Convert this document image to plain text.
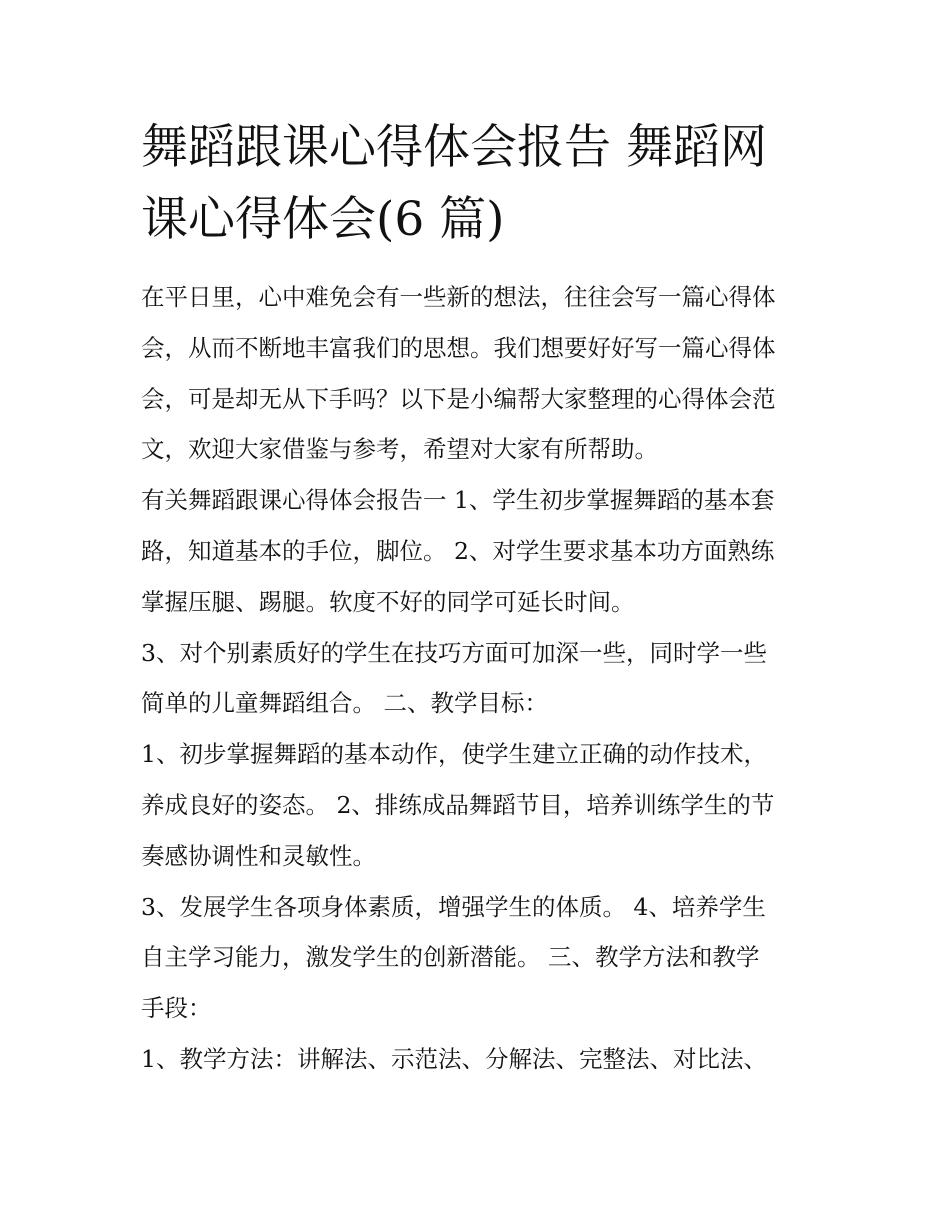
舞蹈跟课心得体会报告 舞蹈网
课心得体会(6 篇)

在平日里，心中难免会有一些新的想法，往往会写一篇心得体
会，从而不断地丰富我们的思想。我们想要好好写一篇心得体
会，可是却无从下手吗？以下是小编帮大家整理的心得体会范
文，欢迎大家借鉴与参考，希望对大家有所帮助。

有关舞蹈跟课心得体会报告一 1、学生初步掌握舞蹈的基本套
路，知道基本的手位，脚位。 2、对学生要求基本功方面熟练
掌握压腿、踢腿。软度不好的同学可延长时间。

3、对个别素质好的学生在技巧方面可加深一些，同时学一些
简单的儿童舞蹈组合。 二、教学目标：

1、初步掌握舞蹈的基本动作，使学生建立正确的动作技术，
养成良好的姿态。 2、排练成品舞蹈节目，培养训练学生的节
奏感协调性和灵敏性。

3、发展学生各项身体素质，增强学生的体质。 4、培养学生
自主学习能力，激发学生的创新潜能。 三、教学方法和教学
手段：

1、教学方法：讲解法、示范法、分解法、完整法、对比法、
